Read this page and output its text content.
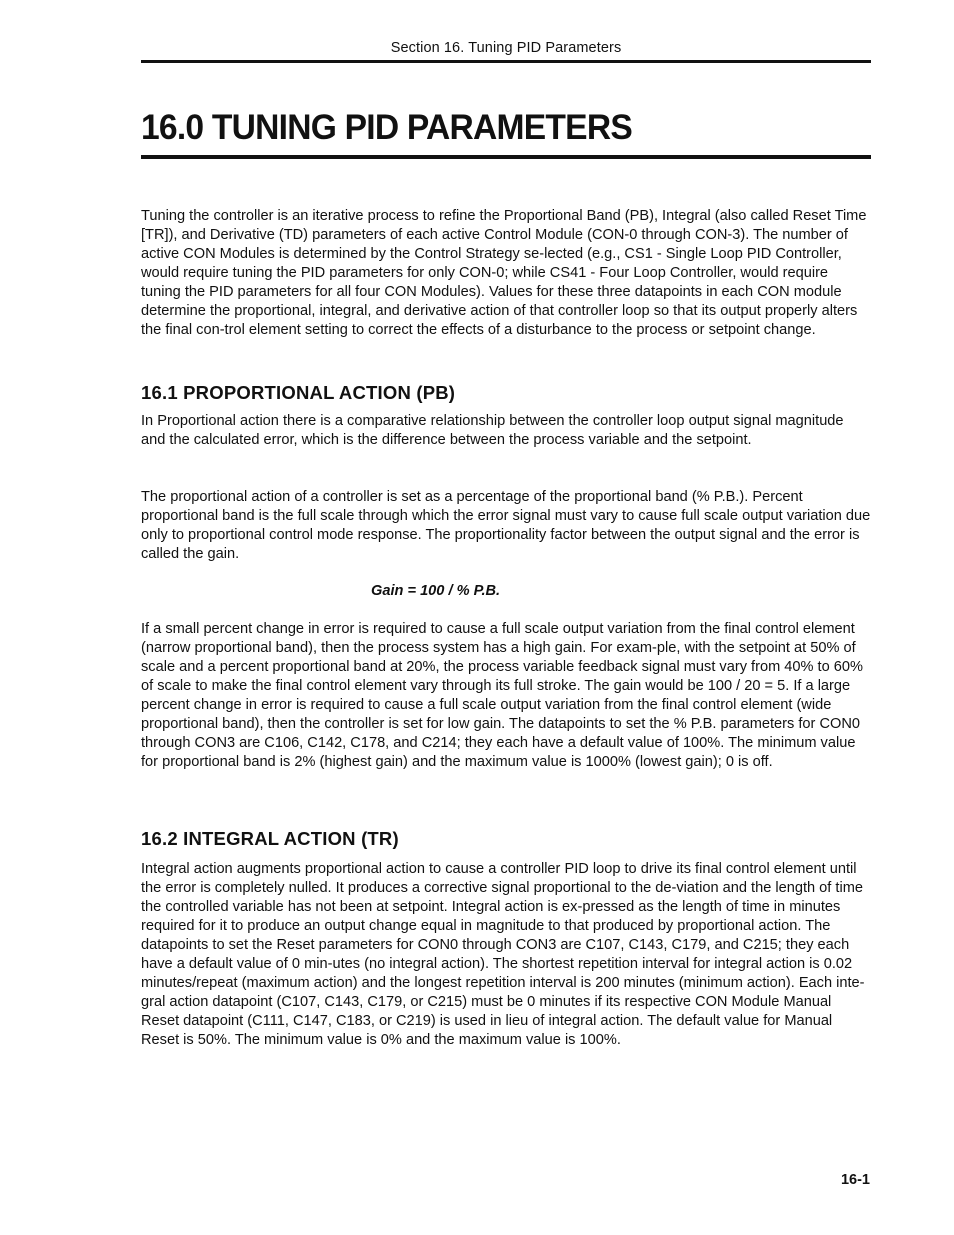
Section 16. Tuning PID Parameters
16.0 TUNING PID PARAMETERS

Tuning the controller is an iterative process to refine the Proportional Band (PB), Integral (also called Reset Time [TR]), and Derivative (TD) parameters of each active Control Module (CON-0 through CON-3). The number of active CON Modules is determined by the Control Strategy se-lected (e.g., CS1 - Single Loop PID Controller, would require tuning the PID parameters for only CON-0; while CS41 - Four Loop Controller, would require tuning the PID parameters for all four CON Modules). Values for these three datapoints in each CON module determine the proportional, integral, and derivative action of that controller loop so that its output properly alters the final con-trol element setting to correct the effects of a disturbance to the process or setpoint change.

16.1 PROPORTIONAL ACTION (PB)

In Proportional action there is a comparative relationship between the controller loop output signal magnitude and the calculated error, which is the difference between the process variable and the setpoint.

The proportional action of a controller is set as a percentage of the proportional band (% P.B.). Percent proportional band is the full scale through which the error signal must vary to cause full scale output variation due only to proportional control mode response. The proportionality factor between the output signal and the error is called the gain.

Gain = 100 / % P.B.

If a small percent change in error is required to cause a full scale output variation from the final control element (narrow proportional band), then the process system has a high gain. For exam-ple, with the setpoint at 50% of scale and a percent proportional band at 20%, the process variable feedback signal must vary from 40% to 60% of scale to make the final control element vary through its full stroke. The gain would be 100 / 20 = 5. If a large percent change in error is required to cause a full scale output variation from the final control element (wide proportional band), then the controller is set for low gain. The datapoints to set the % P.B. parameters for CON0 through CON3 are C106, C142, C178, and C214; they each have a default value of 100%. The minimum value for proportional band is 2% (highest gain) and the maximum value is 1000% (lowest gain); 0 is off.

16.2 INTEGRAL ACTION (TR)

Integral action augments proportional action to cause a controller PID loop to drive its final control element until the error is completely nulled. It produces a corrective signal proportional to the de-viation and the length of time the controlled variable has not been at setpoint. Integral action is ex-pressed as the length of time in minutes required for it to produce an output change equal in magnitude to that produced by proportional action. The datapoints to set the Reset parameters for CON0 through CON3 are C107, C143, C179, and C215; they each have a default value of 0 min-utes (no integral action). The shortest repetition interval for integral action is 0.02 minutes/repeat (maximum action) and the longest repetition interval is 200 minutes (minimum action). Each inte-gral action datapoint (C107, C143, C179, or C215) must be 0 minutes if its respective CON Module Manual Reset datapoint (C111, C147, C183, or C219) is used in lieu of integral action. The default value for Manual Reset is 50%. The minimum value is 0% and the maximum value is 100%.

16-1
